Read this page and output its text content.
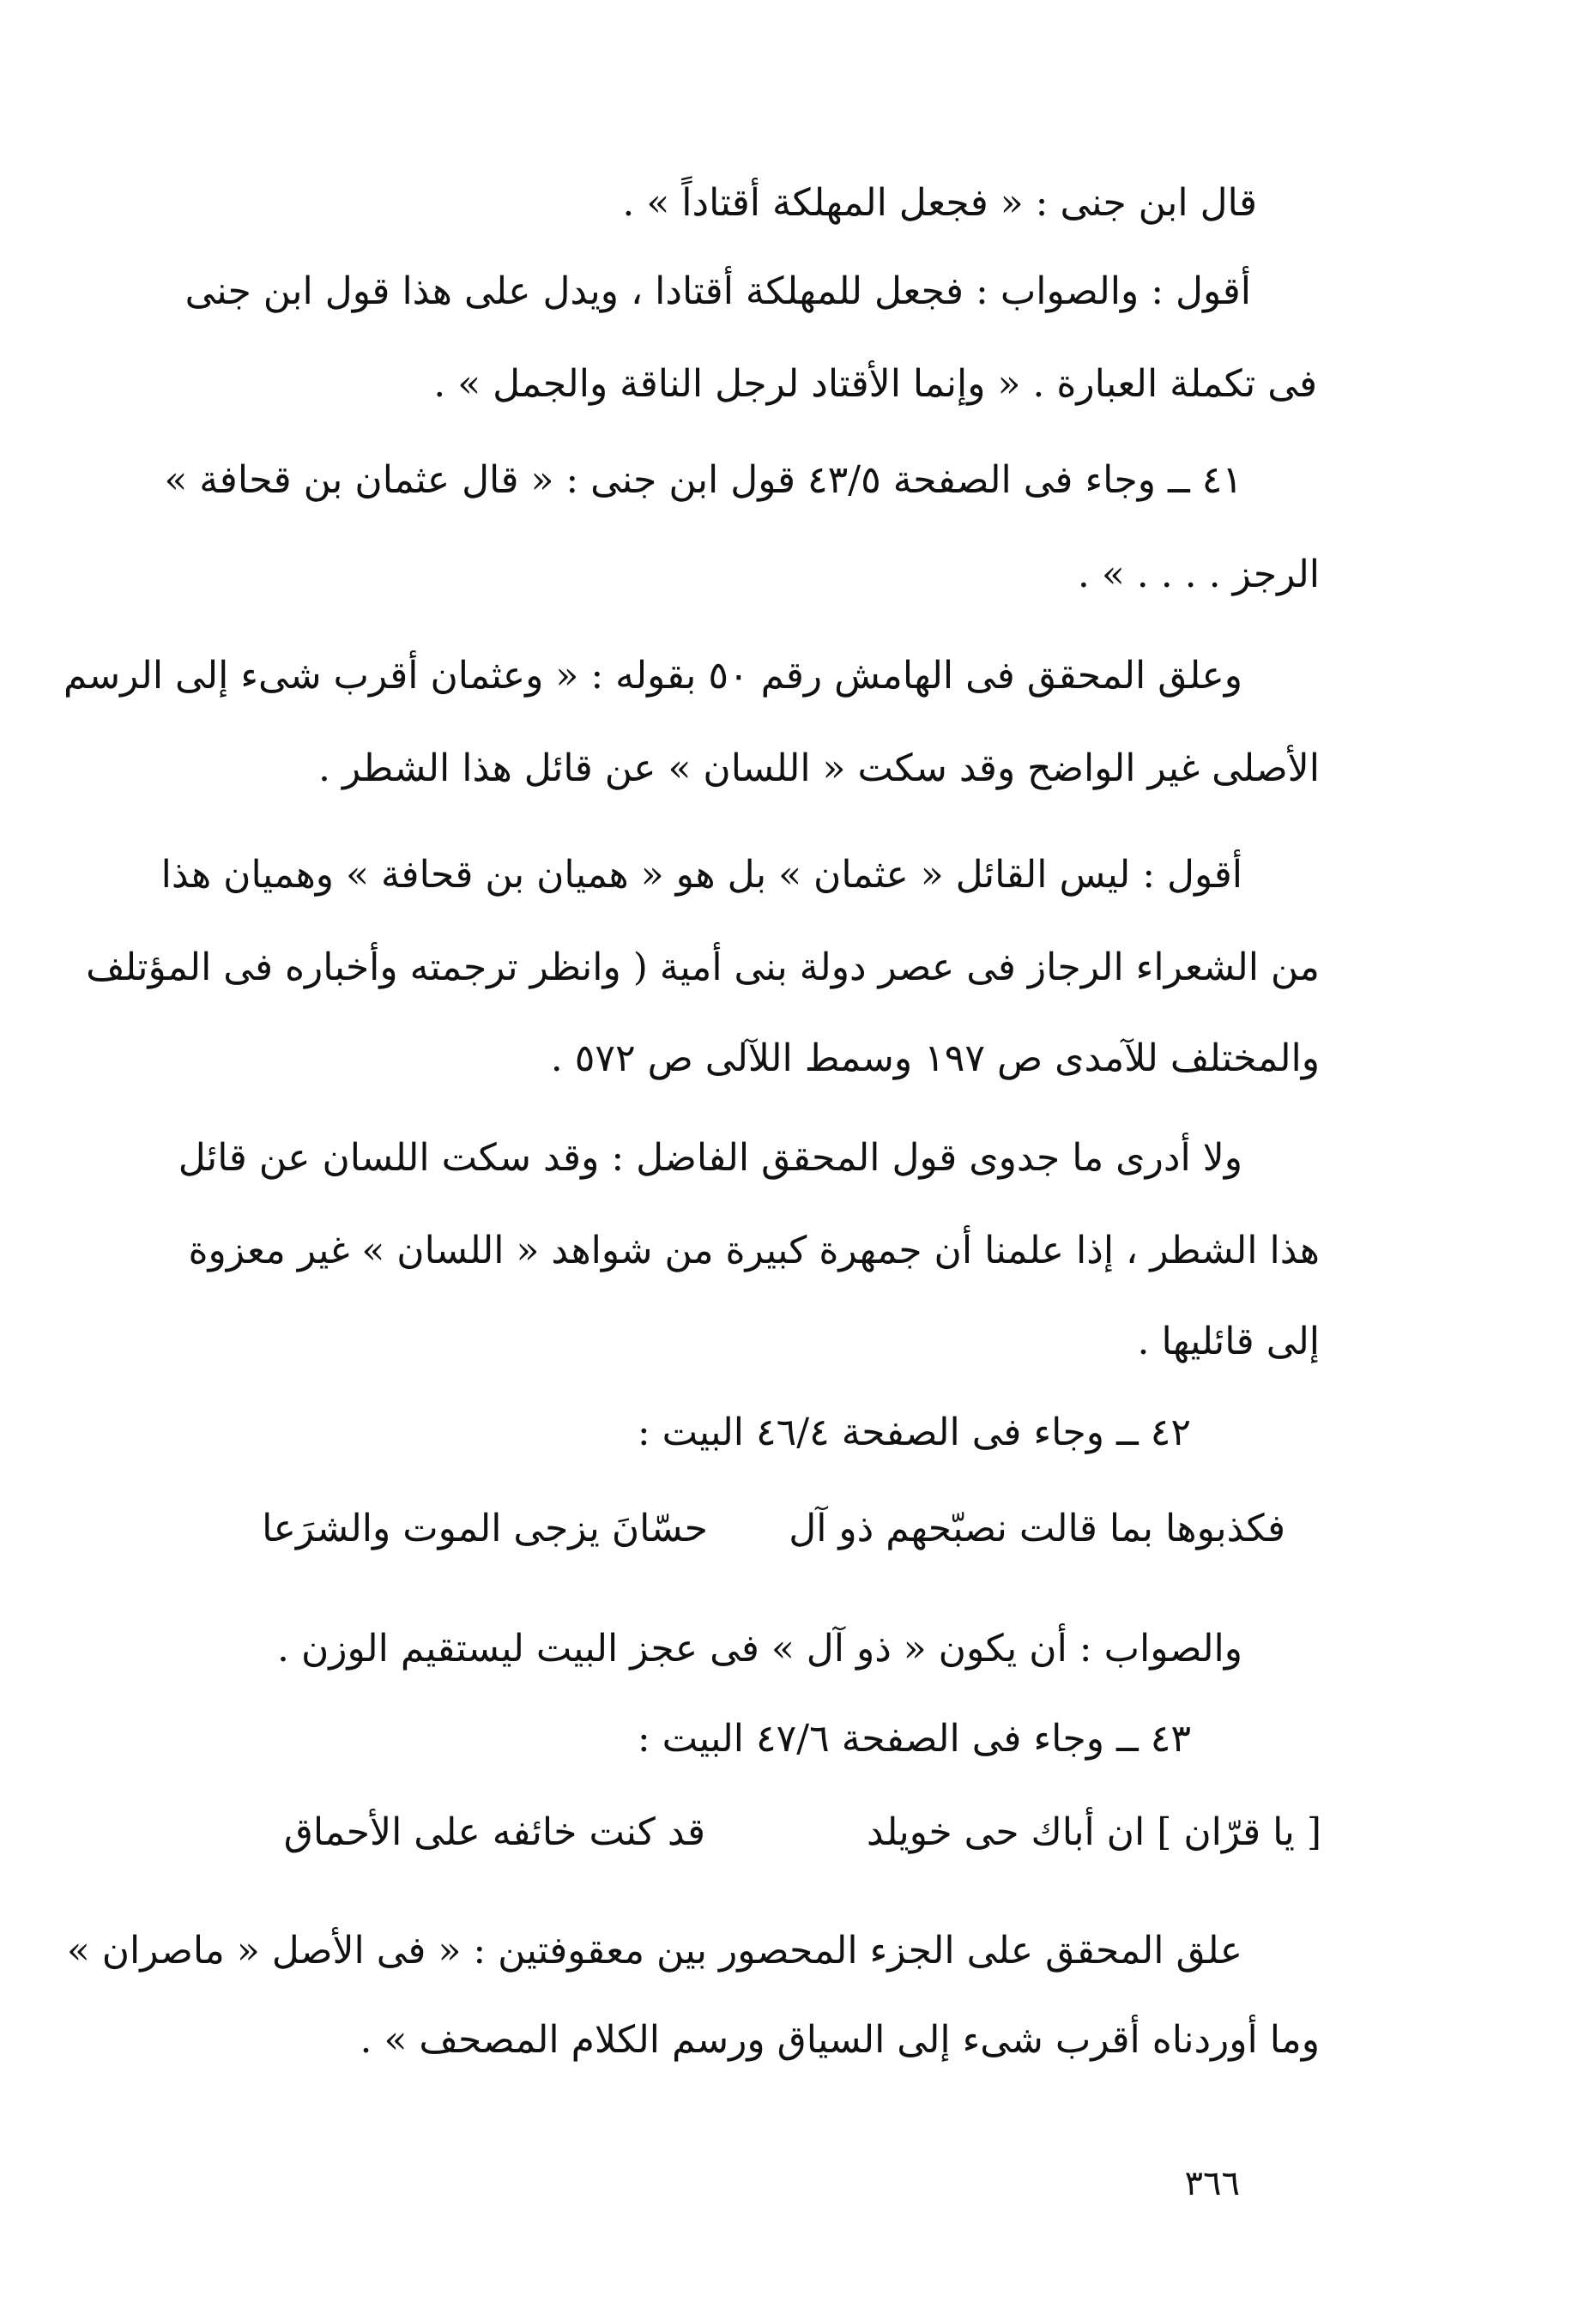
قال ابن جنى : « فجعل المهلكة أقتاداً » .
أقول : والصواب : فجعل للمهلكة أقتادا ، ويدل على هذا قول ابن جنى
فى تكملة العبارة . « وإنما الأقتاد لرجل الناقة والجمل » .
٤١ ــ وجاء فى الصفحة ٤٣/٥ قول ابن جنى : « قال عثمان بن قحافة »
الرجز . . . . » .
وعلق المحقق فى الهامش رقم ٥٠ بقوله : « وعثمان أقرب شىء إلى الرسم
الأصلى غير الواضح وقد سكت « اللسان » عن قائل هذا الشطر .
أقول : ليس القائل « عثمان » بل هو « هميان بن قحافة » وهميان هذا
من الشعراء الرجاز فى عصر دولة بنى أمية ( وانظر ترجمته وأخباره فى المؤتلف
والمختلف للآمدى ص ١٩٧ وسمط اللآلى ص ٥٧٢ .
ولا أدرى ما جدوى قول المحقق الفاضل : وقد سكت اللسان عن قائل
هذا الشطر ، إذا علمنا أن جمهرة كبيرة من شواهد « اللسان » غير معزوة
إلى قائليها .
٤٢ ــ وجاء فى الصفحة ٤٦/٤ البيت :
فكذبوها بما قالت نصبّحهم ذو آل
حسّانَ يزجى الموت والشرَعا
والصواب : أن يكون « ذو آل » فى عجز البيت ليستقيم الوزن .
٤٣ ــ وجاء فى الصفحة ٤٧/٦ البيت :
[ يا قرّان ] ان أباك حى خويلد
قد كنت خائفه على الأحماق
علق المحقق على الجزء المحصور بين معقوفتين : « فى الأصل « ماصران »
وما أوردناه أقرب شىء إلى السياق ورسم الكلام المصحف » .
٣٦٦
